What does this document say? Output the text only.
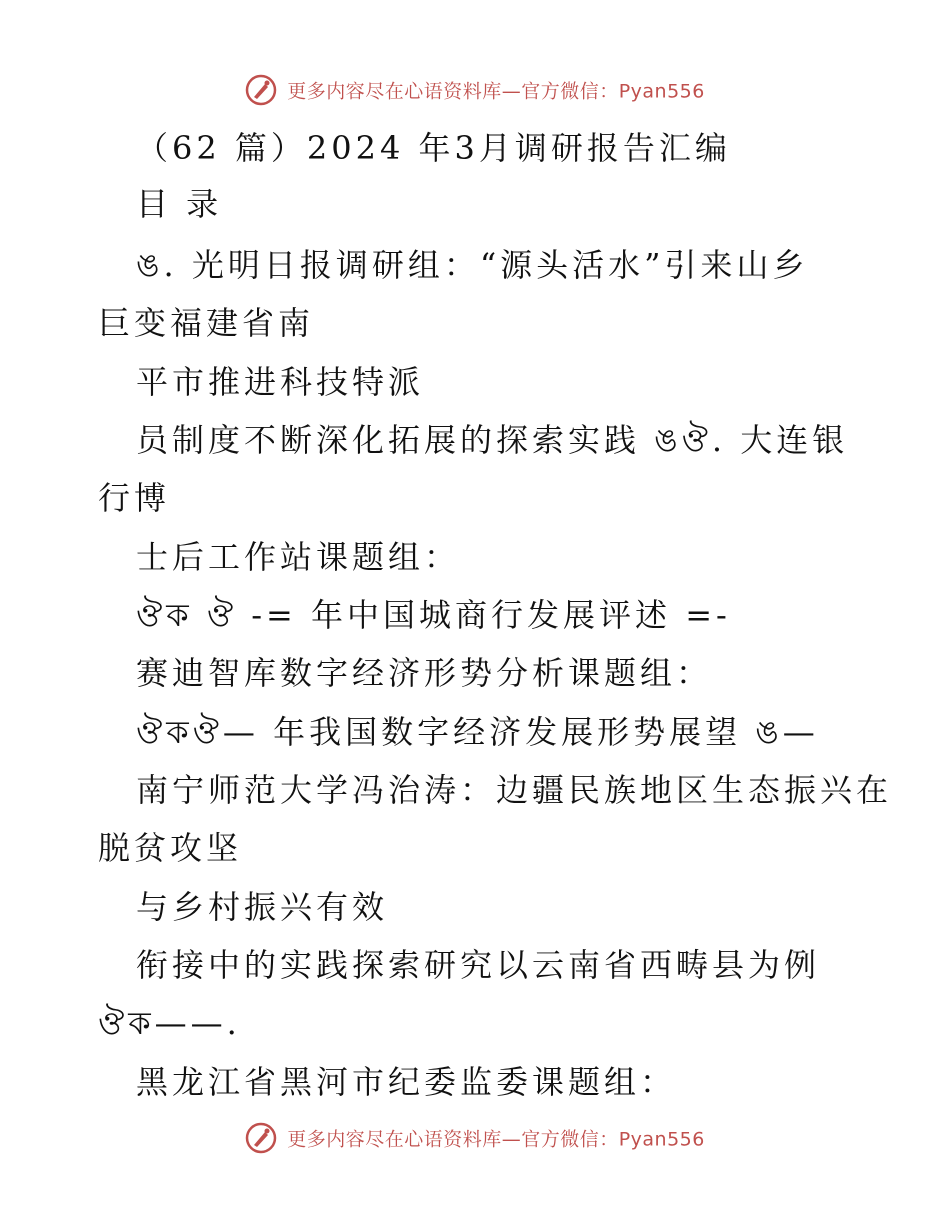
更多内容尽在心语资料库—官方微信：Pyan556
（62 篇）2024 年3月调研报告汇编
目 录
ঙ. 光明日报调研组：“源头活水”引来山乡
巨变福建省南
平市推进科技特派
员制度不断深化拓展的探索实践 ঙঔ. 大连银
行博
士后工作站课题组：
ঔক ঔ -= 年中国城商行发展评述 =-
赛迪智库数字经济形势分析课题组：
ঔকঔ— 年我国数字经济发展形势展望 ঙ—
南宁师范大学冯治涛：边疆民族地区生态振兴在
脱贫攻坚
与乡村振兴有效
衔接中的实践探索研究以云南省西畴县为例
ঔক——.
黑龙江省黑河市纪委监委课题组：
更多内容尽在心语资料库—官方微信：Pyan556
